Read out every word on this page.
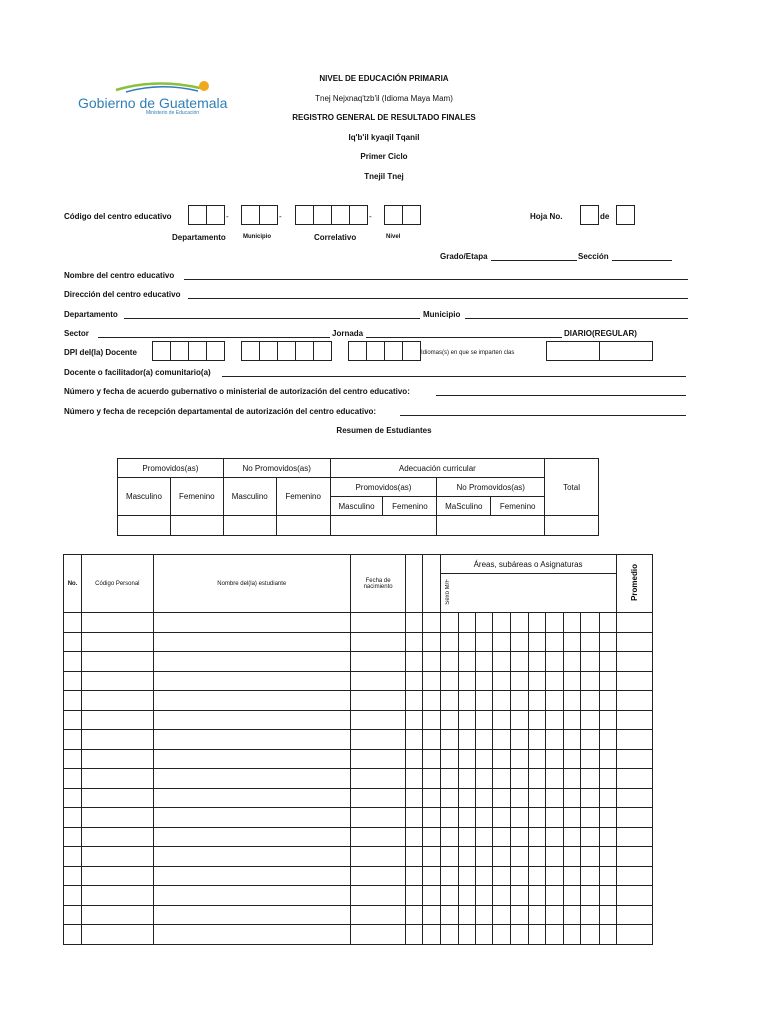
Gobierno de Guatemala
Ministerio de Educación
NIVEL DE EDUCACIÓN PRIMARIA
Tnej Nejxnaq'tzb'il (Idioma Maya Mam)
REGISTRO GENERAL DE RESULTADO FINALES
Iq'b'il kyaqil Tqanil
Primer Ciclo
Tnejil Tnej
Código del centro educativo	-	-	-	Hoja No.	de
Departamento	Municipio	Correlativo	Nivel
Grado/Etapa	Sección
Nombre del centro educativo
Dirección del centro educativo
Departamento	Municipio
Sector	Jornada	DIARIO(REGULAR)
DPI del(la) Docente	Idiomas(s) en que se imparten clas
Docente o facilitador(a) comunitario(a)
Número y fecha de acuerdo gubernativo o ministerial de autorización del centro educativo:
Número y fecha de recepción departamental de autorización del centro educativo:
Resumen de Estudiantes
Promovidos(as)		No Promovidos(as)		Adecuación curricular				Total
Masculino	Femenino	Masculino	Femenino	Promovidos(as)		No Promovidos(as)		
				Masculino	Femenino	MaSculino	Femenino	

No.	Código Personal	Nombre del(la) estudiante	Fecha de nacimiento			Áreas, subáreas o Asignaturas										Promedio
						Sexo M/F										
